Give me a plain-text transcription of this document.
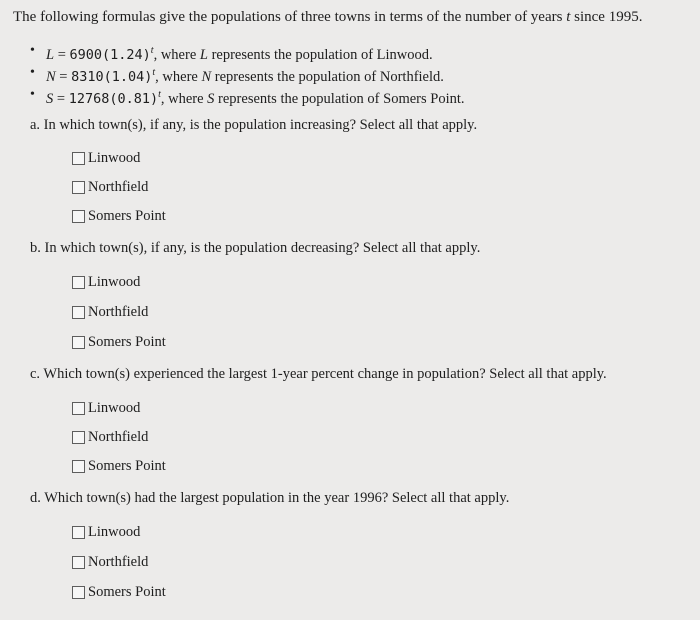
The following formulas give the populations of three towns in terms of the number of years t since 1995.
• $L = 6900(1.24)^t$, where L represents the population of Linwood.
• $N = 8310(1.04)^t$, where N represents the population of Northfield.
• $S = 12768(0.81)^t$, where S represents the population of Somers Point.
a. In which town(s), if any, is the population increasing? Select all that apply.
Linwood
Northfield
Somers Point
b. In which town(s), if any, is the population decreasing? Select all that apply.
Linwood
Northfield
Somers Point
c. Which town(s) experienced the largest 1-year percent change in population? Select all that apply.
Linwood
Northfield
Somers Point
d. Which town(s) had the largest population in the year 1996? Select all that apply.
Linwood
Northfield
Somers Point
